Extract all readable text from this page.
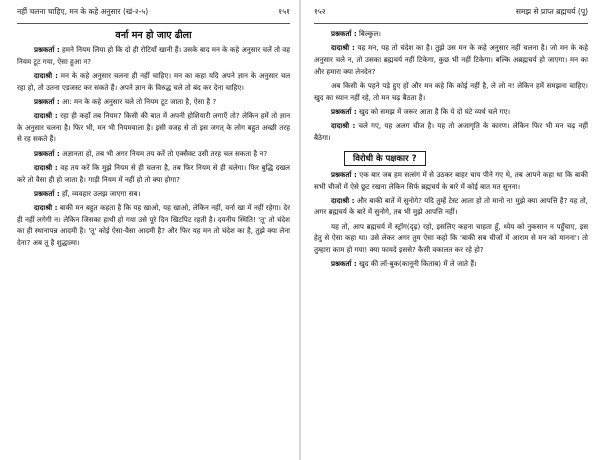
नहीं चलना चाहिए, मन के कहे अनुसार (खं-२-५)	१५१
वर्ना मन हो जाए ढीला

प्रश्नकर्ता : हमने नियम लिया हो कि दो ही रोटियाँ खानी हैं। उसके बाद मन के कहे अनुसार चलें तो वह नियम टूट गया, ऐसा हुआ न?

दादाश्री : मन के कहे अनुसार चलना ही नहीं चाहिए। मन का कहा यदि अपने ज्ञान के अनुसार चल रहा हो, तो उतना एडजस्ट कर सकते हैं। अपने ज्ञान के विरुद्ध चले तो बंद कर देना चाहिए।

प्रश्नकर्ता : आ: मन के कहे अनुसार चले तो नियम टूट जाता है, ऐसा है ?

दादाश्री : रहा ही कहाँ तब नियम? किसी की बात में अपनी होशियारी लगाएँ तो? लेकिन हमें तो ज्ञान के अनुसार चलना है। फिर भी, मन भी नियमवाला है। इसी वजह से तो इस जगत् के लोग बहुत अच्छी तरह से रह सकते हैं।

प्रश्नकर्ता : अज्ञानता हो, तब भी अगर नियम तय करें तो एक्सैक्ट उसी तरह चल सकता है न?

दादाश्री : वह तय करें कि मुझे नियम से ही चलना है, तब फिर नियम से ही चलेगा। फिर बुद्धि दखल करे तो वैसा ही हो जाता है। गाड़ी नियम में नहीं हो तो क्या होगा?

प्रश्नकर्ता : हाँ, व्यवहार उलझ जाएगा सब।

दादाश्री : बाकी मन बहुत कहता है कि यह खाओ, यह खाओ, लेकिन नहीं, वर्ना खा में नहीं रहेगा। देर ही नहीं लगेगी न। लेकिन जिसका हाथी हो गया उसे पूरे दिन खिटपिट रहती है। दयनीय स्थिति! 'तू' तो चंदेश का ही स्थानापन्न आदमी है। 'तू' कोई ऐसा-वैसा आदमी है? और फिर यह मन तो चंदेश का है, तुझे क्या लेना देना? अब तू है शुद्धात्मा।

१५२	समझ से प्राप्त ब्रह्मचर्य (पू)

प्रश्नकर्ता : बिल्कुल।

दादाश्री : यह मन, यह तो चंदेश का है। तुझे उस मन के कहे अनुसार नहीं चलना है। जो मन के कहे अनुसार चले न, तो उसका ब्रह्मचर्य नहीं टिकेगा, कुछ भी नहीं टिकेगा। बल्कि अब्रह्मचर्य हो जाएगा। मन का और हमारा क्या लेनदेन?

अब किसी के पहने पड़े हुए हों और मन कहे कि कोई नहीं है, ले लो न! लेकिन हमें समझना चाहिए। खुद का ध्यान नहीं रहे, तो मन चढ़ बैठता है।

प्रश्नकर्ता : खुद को समझ में जरूर आता है कि ये दो घंटे व्यर्थ चले गए।

दादाश्री : चले गए, यह अलग चीज है। यह तो अजागृति के कारण। लेकिन फिर भी मन चढ़ नहीं बैठेगा।

विरोधी के पक्षकार ?

प्रश्नकर्ता : एक बार जब हम सत्संग में से उठकर बाहर चाय पीने गए थे, तब आपने कहा था कि बाकी सभी चीजों में ऐसे छूट रखना लेकिन सिर्फ ब्रह्मचर्य के बारे में कोई बात मत सुनना।

दादाश्री : और बाकी बातें में सुनोगे? यदि तुम्हें टेस्ट आता हो तो मानो न! मुझे क्या आपत्ति है? यह तो, अगर ब्रह्मचर्य के बारे में सुनोगे, तब भी मुझे आपत्ति नहीं।

यह तो, आप ब्रह्मचर्य में स्ट्रॉग(दृढ़) रहो, इसलिए कहना चाहता हूँ, ध्येय को नुकसान न पहुँचाए, इस हेतु से ऐसा कहा था। उसे लेकर अगर तुम ऐसा कहो कि 'बाकी सब चीजों में आराम से मन को मानना'। तो तुम्हारा काम हो गया! क्या फायदे इससे? कैसी वकालत कर रहे हो?

प्रश्नकर्ता : खुद की लॉ-बुक(कानूनी किताब) में ले जाते हैं।
